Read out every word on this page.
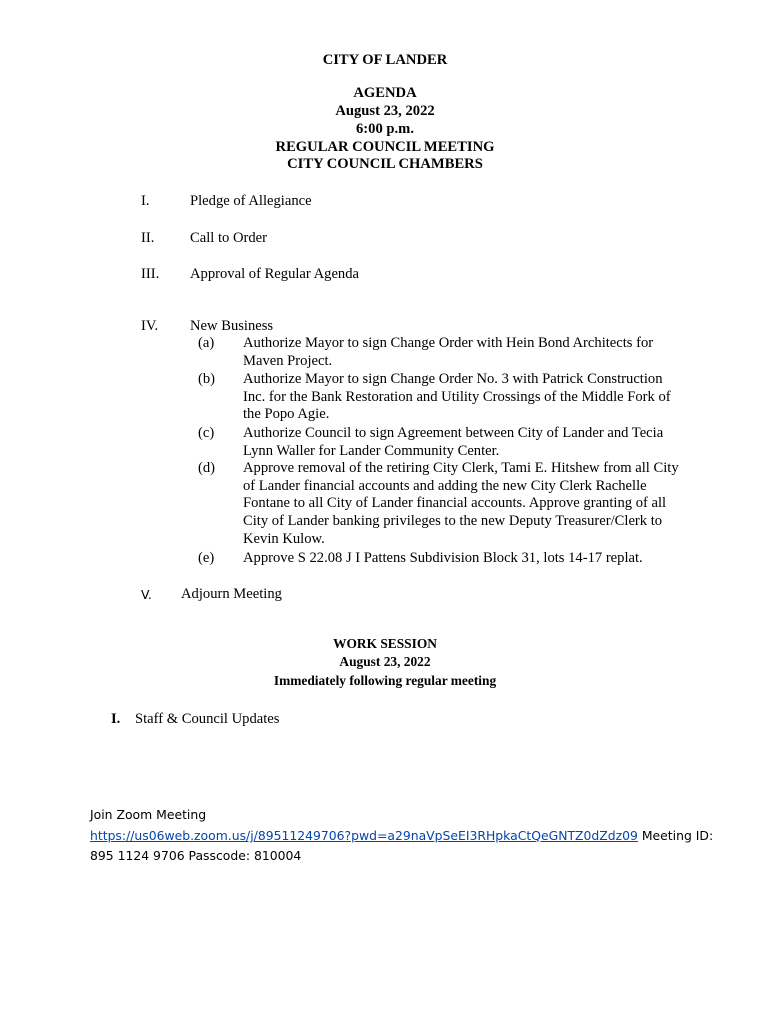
CITY OF LANDER
AGENDA
August 23, 2022
6:00 p.m.
REGULAR COUNCIL MEETING
CITY COUNCIL CHAMBERS
I.	Pledge of Allegiance
II. Call to Order
III. Approval of Regular Agenda
IV. New Business
(a) Authorize Mayor to sign Change Order with Hein Bond Architects for Maven Project.
(b) Authorize Mayor to sign Change Order No. 3 with Patrick Construction Inc. for the Bank Restoration and Utility Crossings of the Middle Fork of the Popo Agie.
(c) Authorize Council to sign Agreement between City of Lander and Tecia Lynn Waller for Lander Community Center.
(d) Approve removal of the retiring City Clerk, Tami E. Hitshew from all City of Lander financial accounts and adding the new City Clerk Rachelle Fontane to all City of Lander financial accounts. Approve granting of all City of Lander banking privileges to the new Deputy Treasurer/Clerk to Kevin Kulow.
(e) Approve S 22.08 J I Pattens Subdivision Block 31, lots 14-17 replat.
V. Adjourn Meeting
WORK SESSION
August 23, 2022
Immediately following regular meeting
I. Staff & Council Updates
Join Zoom Meeting
https://us06web.zoom.us/j/89511249706?pwd=a29naVpSeEI3RHpkaCtQeGNTZ0dZdz09 Meeting ID:
895 1124 9706 Passcode: 810004
